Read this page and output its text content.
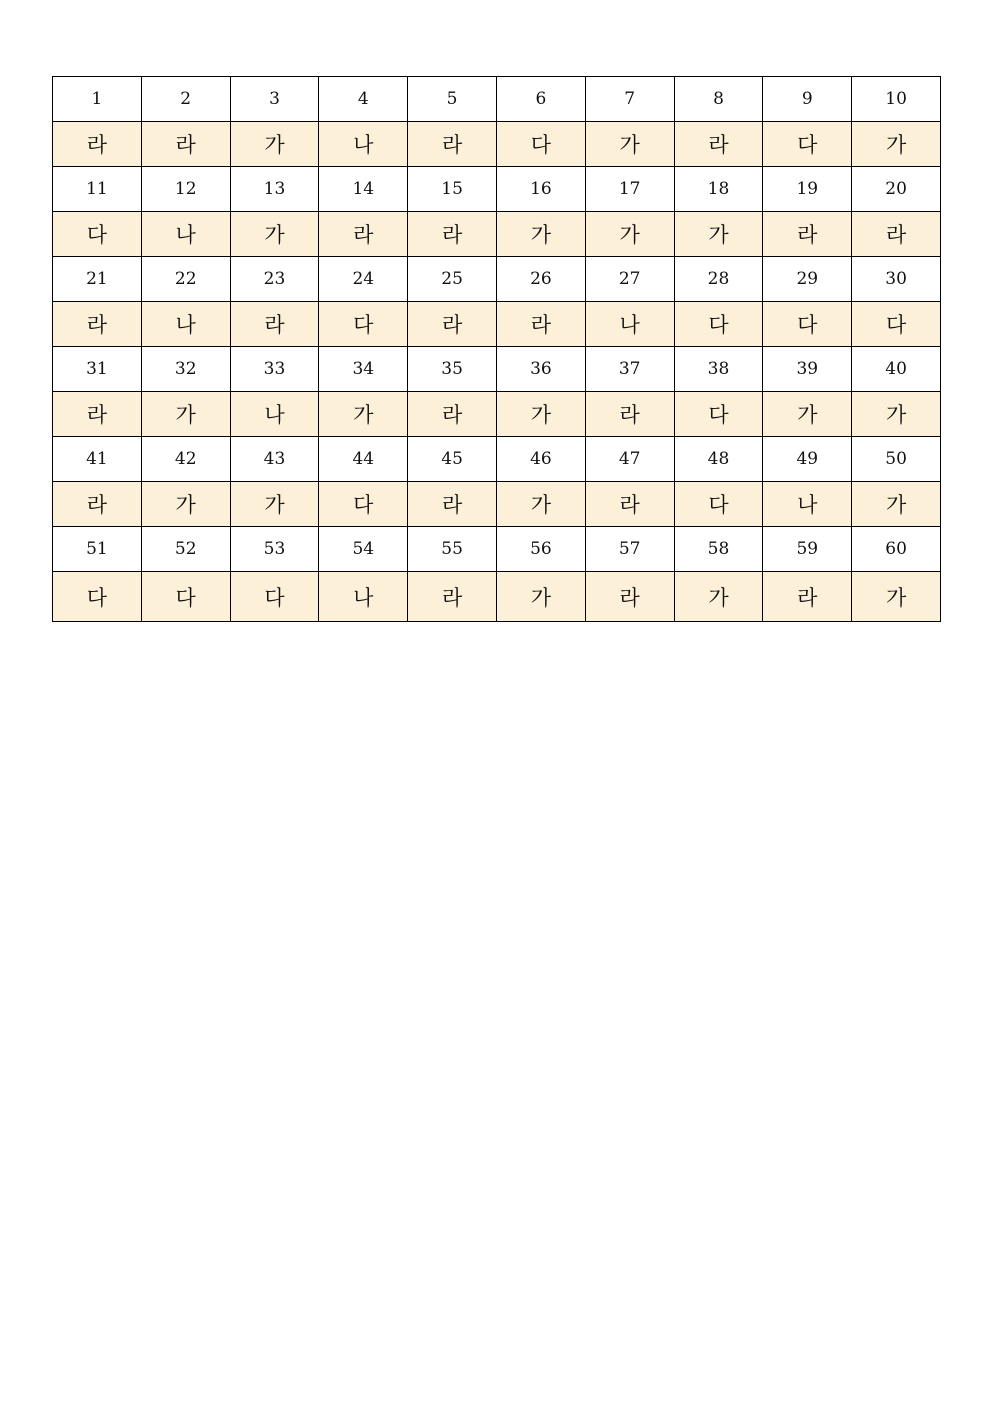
1	2	3	4	5	6	7	8	9	10
라	라	가	나	라	다	가	라	다	가
11	12	13	14	15	16	17	18	19	20
다	나	가	라	라	가	가	가	라	라
21	22	23	24	25	26	27	28	29	30
라	나	라	다	라	라	나	다	다	다
31	32	33	34	35	36	37	38	39	40
라	가	나	가	라	가	라	다	가	가
41	42	43	44	45	46	47	48	49	50
라	가	가	다	라	가	라	다	나	가
51	52	53	54	55	56	57	58	59	60
다	다	다	나	라	가	라	가	라	가
